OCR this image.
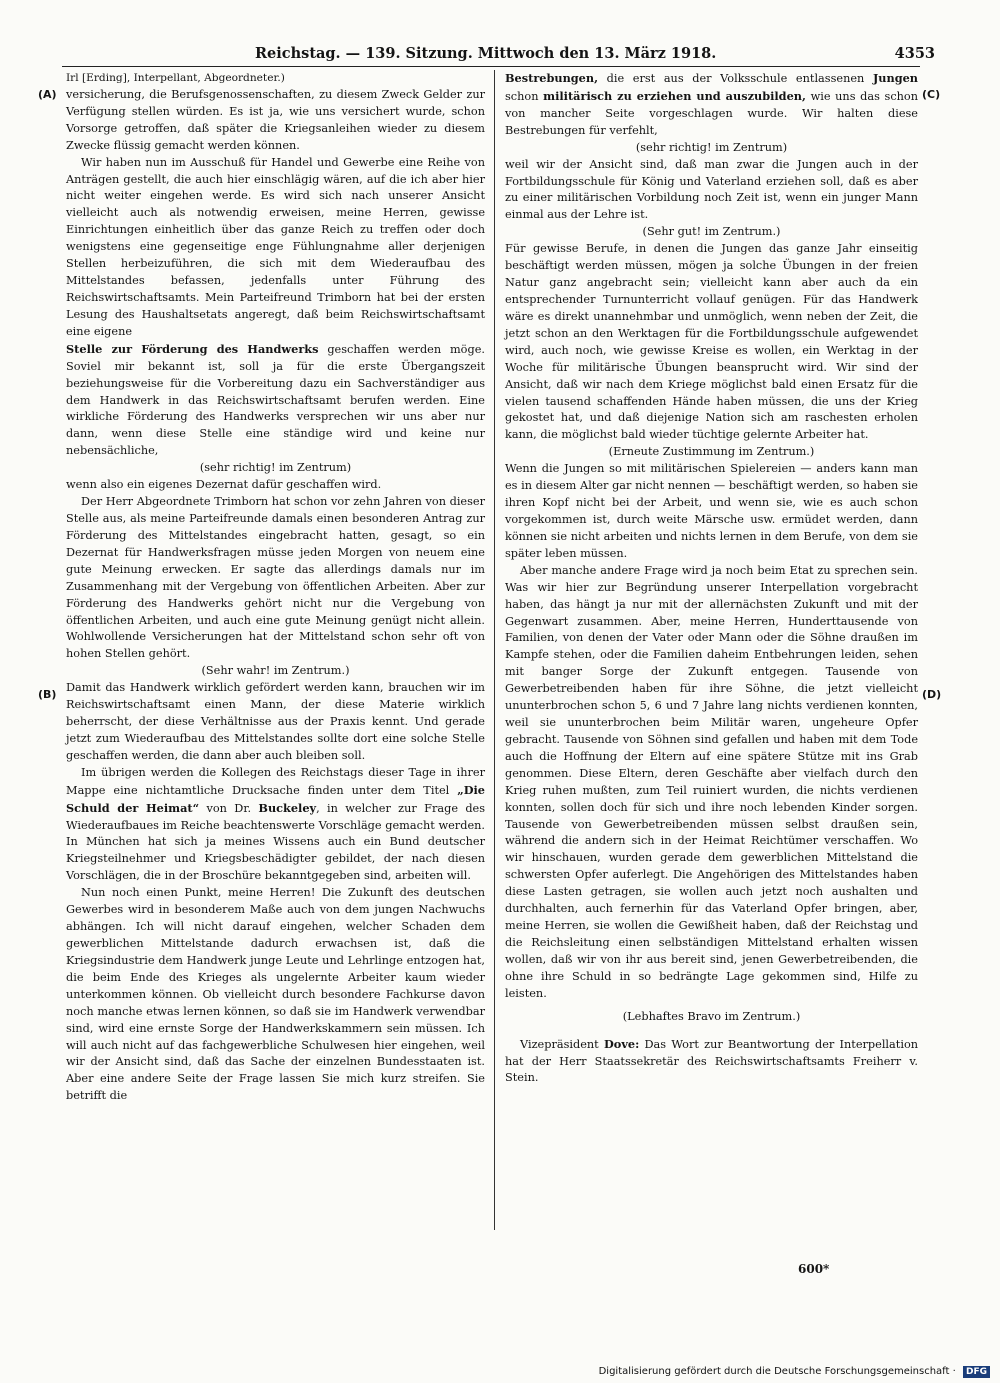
Reichstag. — 139. Sitzung. Mittwoch den 13. März 1918.	4353
(A)
(B)
(C)
(D)

Irl [Erding], Interpellant, Abgeordneter.)

versicherung, die Berufsgenossenschaften, zu diesem Zweck Gelder zur Verfügung stellen würden. Es ist ja, wie uns versichert wurde, schon Vorsorge getroffen, daß später die Kriegsanleihen wieder zu diesem Zwecke flüssig gemacht werden können.

Wir haben nun im Ausschuß für Handel und Gewerbe eine Reihe von Anträgen gestellt, die auch hier einschlägig wären, auf die ich aber hier nicht weiter eingehen werde. Es wird sich nach unserer Ansicht vielleicht auch als notwendig erweisen, meine Herren, gewisse Einrichtungen einheitlich über das ganze Reich zu treffen oder doch wenigstens eine gegenseitige enge Fühlungnahme aller derjenigen Stellen herbeizuführen, die sich mit dem Wiederaufbau des Mittelstandes befassen, jedenfalls unter Führung des Reichswirtschaftsamts. Mein Parteifreund Trimborn hat bei der ersten Lesung des Haushaltsetats angeregt, daß beim Reichswirtschaftsamt eine eigene

Stelle zur Förderung des Handwerks geschaffen werden möge. Soviel mir bekannt ist, soll ja für die erste Übergangszeit beziehungsweise für die Vorbereitung dazu ein Sachverständiger aus dem Handwerk in das Reichswirtschaftsamt berufen werden. Eine wirkliche Förderung des Handwerks versprechen wir uns aber nur dann, wenn diese Stelle eine ständige wird und keine nur nebensächliche,

(sehr richtig! im Zentrum)

wenn also ein eigenes Dezernat dafür geschaffen wird.

Der Herr Abgeordnete Trimborn hat schon vor zehn Jahren von dieser Stelle aus, als meine Parteifreunde damals einen besonderen Antrag zur Förderung des Mittelstandes eingebracht hatten, gesagt, so ein Dezernat für Handwerksfragen müsse jeden Morgen von neuem eine gute Meinung erwecken. Er sagte das allerdings damals nur im Zusammenhang mit der Vergebung von öffentlichen Arbeiten. Aber zur Förderung des Handwerks gehört nicht nur die Vergebung von öffentlichen Arbeiten, und auch eine gute Meinung genügt nicht allein. Wohlwollende Versicherungen hat der Mittelstand schon sehr oft von hohen Stellen gehört.

(Sehr wahr! im Zentrum.)

Damit das Handwerk wirklich gefördert werden kann, brauchen wir im Reichswirtschaftsamt einen Mann, der diese Materie wirklich beherrscht, der diese Verhältnisse aus der Praxis kennt. Und gerade jetzt zum Wiederaufbau des Mittelstandes sollte dort eine solche Stelle geschaffen werden, die dann aber auch bleiben soll.

Im übrigen werden die Kollegen des Reichstags dieser Tage in ihrer Mappe eine nichtamtliche Drucksache finden unter dem Titel „Die Schuld der Heimat“ von Dr. Buckeley, in welcher zur Frage des Wiederaufbaues im Reiche beachtenswerte Vorschläge gemacht werden. In München hat sich ja meines Wissens auch ein Bund deutscher Kriegsteilnehmer und Kriegsbeschädigter gebildet, der nach diesen Vorschlägen, die in der Broschüre bekanntgegeben sind, arbeiten will.

Nun noch einen Punkt, meine Herren! Die Zukunft des deutschen Gewerbes wird in besonderem Maße auch von dem jungen Nachwuchs abhängen. Ich will nicht darauf eingehen, welcher Schaden dem gewerblichen Mittelstande dadurch erwachsen ist, daß die Kriegsindustrie dem Handwerk junge Leute und Lehrlinge entzogen hat, die beim Ende des Krieges als ungelernte Arbeiter kaum wieder unterkommen können. Ob vielleicht durch besondere Fachkurse davon noch manche etwas lernen können, so daß sie im Handwerk verwendbar sind, wird eine ernste Sorge der Handwerkskammern sein müssen. Ich will auch nicht auf das fachgewerbliche Schulwesen hier eingehen, weil wir der Ansicht sind, daß das Sache der einzelnen Bundesstaaten ist. Aber eine andere Seite der Frage lassen Sie mich kurz streifen. Sie betrifft die

Bestrebungen, die erst aus der Volksschule entlassenen Jungen schon militärisch zu erziehen und auszubilden, wie uns das schon von mancher Seite vorgeschlagen wurde. Wir halten diese Bestrebungen für verfehlt,

(sehr richtig! im Zentrum)

weil wir der Ansicht sind, daß man zwar die Jungen auch in der Fortbildungsschule für König und Vaterland erziehen soll, daß es aber zu einer militärischen Vorbildung noch Zeit ist, wenn ein junger Mann einmal aus der Lehre ist.

(Sehr gut! im Zentrum.)

Für gewisse Berufe, in denen die Jungen das ganze Jahr einseitig beschäftigt werden müssen, mögen ja solche Übungen in der freien Natur ganz angebracht sein; vielleicht kann aber auch da ein entsprechender Turnunterricht vollauf genügen. Für das Handwerk wäre es direkt unannehmbar und unmöglich, wenn neben der Zeit, die jetzt schon an den Werktagen für die Fortbildungsschule aufgewendet wird, auch noch, wie gewisse Kreise es wollen, ein Werktag in der Woche für militärische Übungen beansprucht wird. Wir sind der Ansicht, daß wir nach dem Kriege möglichst bald einen Ersatz für die vielen tausend schaffenden Hände haben müssen, die uns der Krieg gekostet hat, und daß diejenige Nation sich am raschesten erholen kann, die möglichst bald wieder tüchtige gelernte Arbeiter hat.

(Erneute Zustimmung im Zentrum.)

Wenn die Jungen so mit militärischen Spielereien — anders kann man es in diesem Alter gar nicht nennen — beschäftigt werden, so haben sie ihren Kopf nicht bei der Arbeit, und wenn sie, wie es auch schon vorgekommen ist, durch weite Märsche usw. ermüdet werden, dann können sie nicht arbeiten und nichts lernen in dem Berufe, von dem sie später leben müssen.

Aber manche andere Frage wird ja noch beim Etat zu sprechen sein. Was wir hier zur Begründung unserer Interpellation vorgebracht haben, das hängt ja nur mit der allernächsten Zukunft und mit der Gegenwart zusammen. Aber, meine Herren, Hunderttausende von Familien, von denen der Vater oder Mann oder die Söhne draußen im Kampfe stehen, oder die Familien daheim Entbehrungen leiden, sehen mit banger Sorge der Zukunft entgegen. Tausende von Gewerbetreibenden haben für ihre Söhne, die jetzt vielleicht ununterbrochen schon 5, 6 und 7 Jahre lang nichts verdienen konnten, weil sie ununterbrochen beim Militär waren, ungeheure Opfer gebracht. Tausende von Söhnen sind gefallen und haben mit dem Tode auch die Hoffnung der Eltern auf eine spätere Stütze mit ins Grab genommen. Diese Eltern, deren Geschäfte aber vielfach durch den Krieg ruhen mußten, zum Teil ruiniert wurden, die nichts verdienen konnten, sollen doch für sich und ihre noch lebenden Kinder sorgen. Tausende von Gewerbetreibenden müssen selbst draußen sein, während die andern sich in der Heimat Reichtümer verschaffen. Wo wir hinschauen, wurden gerade dem gewerblichen Mittelstand die schwersten Opfer auferlegt. Die Angehörigen des Mittelstandes haben diese Lasten getragen, sie wollen auch jetzt noch aushalten und durchhalten, auch fernerhin für das Vaterland Opfer bringen, aber, meine Herren, sie wollen die Gewißheit haben, daß der Reichstag und die Reichsleitung einen selbständigen Mittelstand erhalten wissen wollen, daß wir von ihr aus bereit sind, jenen Gewerbetreibenden, die ohne ihre Schuld in so bedrängte Lage gekommen sind, Hilfe zu leisten.

(Lebhaftes Bravo im Zentrum.)

Vizepräsident Dove: Das Wort zur Beantwortung der Interpellation hat der Herr Staatssekretär des Reichswirtschaftsamts Freiherr v. Stein.

600*
Digitalisierung gefördert durch die Deutsche Forschungsgemeinschaft · DFG
